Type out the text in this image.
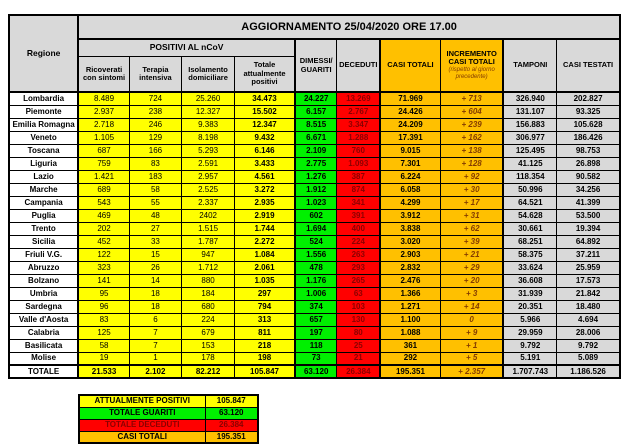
Regione	AGGIORNAMENTO 25/04/2020 ORE 17.00									
	POSITIVI AL nCoV				DIMESSI/ GUARITI	DECEDUTI	CASI TOTALI	INCREMENTO CASI TOTALI
(rispetto al giorno precedente)	TAMPONI	CASI TESTATI
	Ricoverati con sintomi	Terapia intensiva	Isolamento domiciliare	Totale attualmente positivi						
Lombardia	8.489	724	25.260	34.473	24.227	13.269	71.969	+ 713	326.940	202.827
Piemonte	2.937	238	12.327	15.502	6.157	2.767	24.426	+ 604	131.107	93.325
Emilia Romagna	2.718	246	9.383	12.347	8.515	3.347	24.209	+ 239	156.883	105.628
Veneto	1.105	129	8.198	9.432	6.671	1.288	17.391	+ 162	306.977	186.426
Toscana	687	166	5.293	6.146	2.109	760	9.015	+ 138	125.495	98.753
Liguria	759	83	2.591	3.433	2.775	1.093	7.301	+ 128	41.125	26.898
Lazio	1.421	183	2.957	4.561	1.276	387	6.224	+ 92	118.354	90.582
Marche	689	58	2.525	3.272	1.912	874	6.058	+ 30	50.996	34.256
Campania	543	55	2.337	2.935	1.023	341	4.299	+ 17	64.521	41.399
Puglia	469	48	2402	2.919	602	391	3.912	+ 31	54.628	53.500
Trento	202	27	1.515	1.744	1.694	400	3.838	+ 62	30.661	19.394
Sicilia	452	33	1.787	2.272	524	224	3.020	+ 39	68.251	64.892
Friuli V.G.	122	15	947	1.084	1.556	263	2.903	+ 21	58.375	37.211
Abruzzo	323	26	1.712	2.061	478	293	2.832	+ 29	33.624	25.959
Bolzano	141	14	880	1.035	1.176	265	2.476	+ 20	36.608	17.573
Umbria	95	18	184	297	1.006	63	1.366	+ 3	31.939	21.842
Sardegna	96	18	680	794	374	103	1.271	+ 14	20.351	18.480
Valle d'Aosta	83	6	224	313	657	130	1.100	0	5.966	4.694
Calabria	125	7	679	811	197	80	1.088	+ 9	29.959	28.006
Basilicata	58	7	153	218	118	25	361	+ 1	9.792	9.792
Molise	19	1	178	198	73	21	292	+ 5	5.191	5.089
TOTALE	21.533	2.102	82.212	105.847	63.120	26.384	195.351	+ 2.357	1.707.743	1.186.526
ATTUALMENTE POSITIVI	105.847
TOTALE GUARITI	63.120
TOTALE DECEDUTI	26.384
CASI TOTALI	195.351
